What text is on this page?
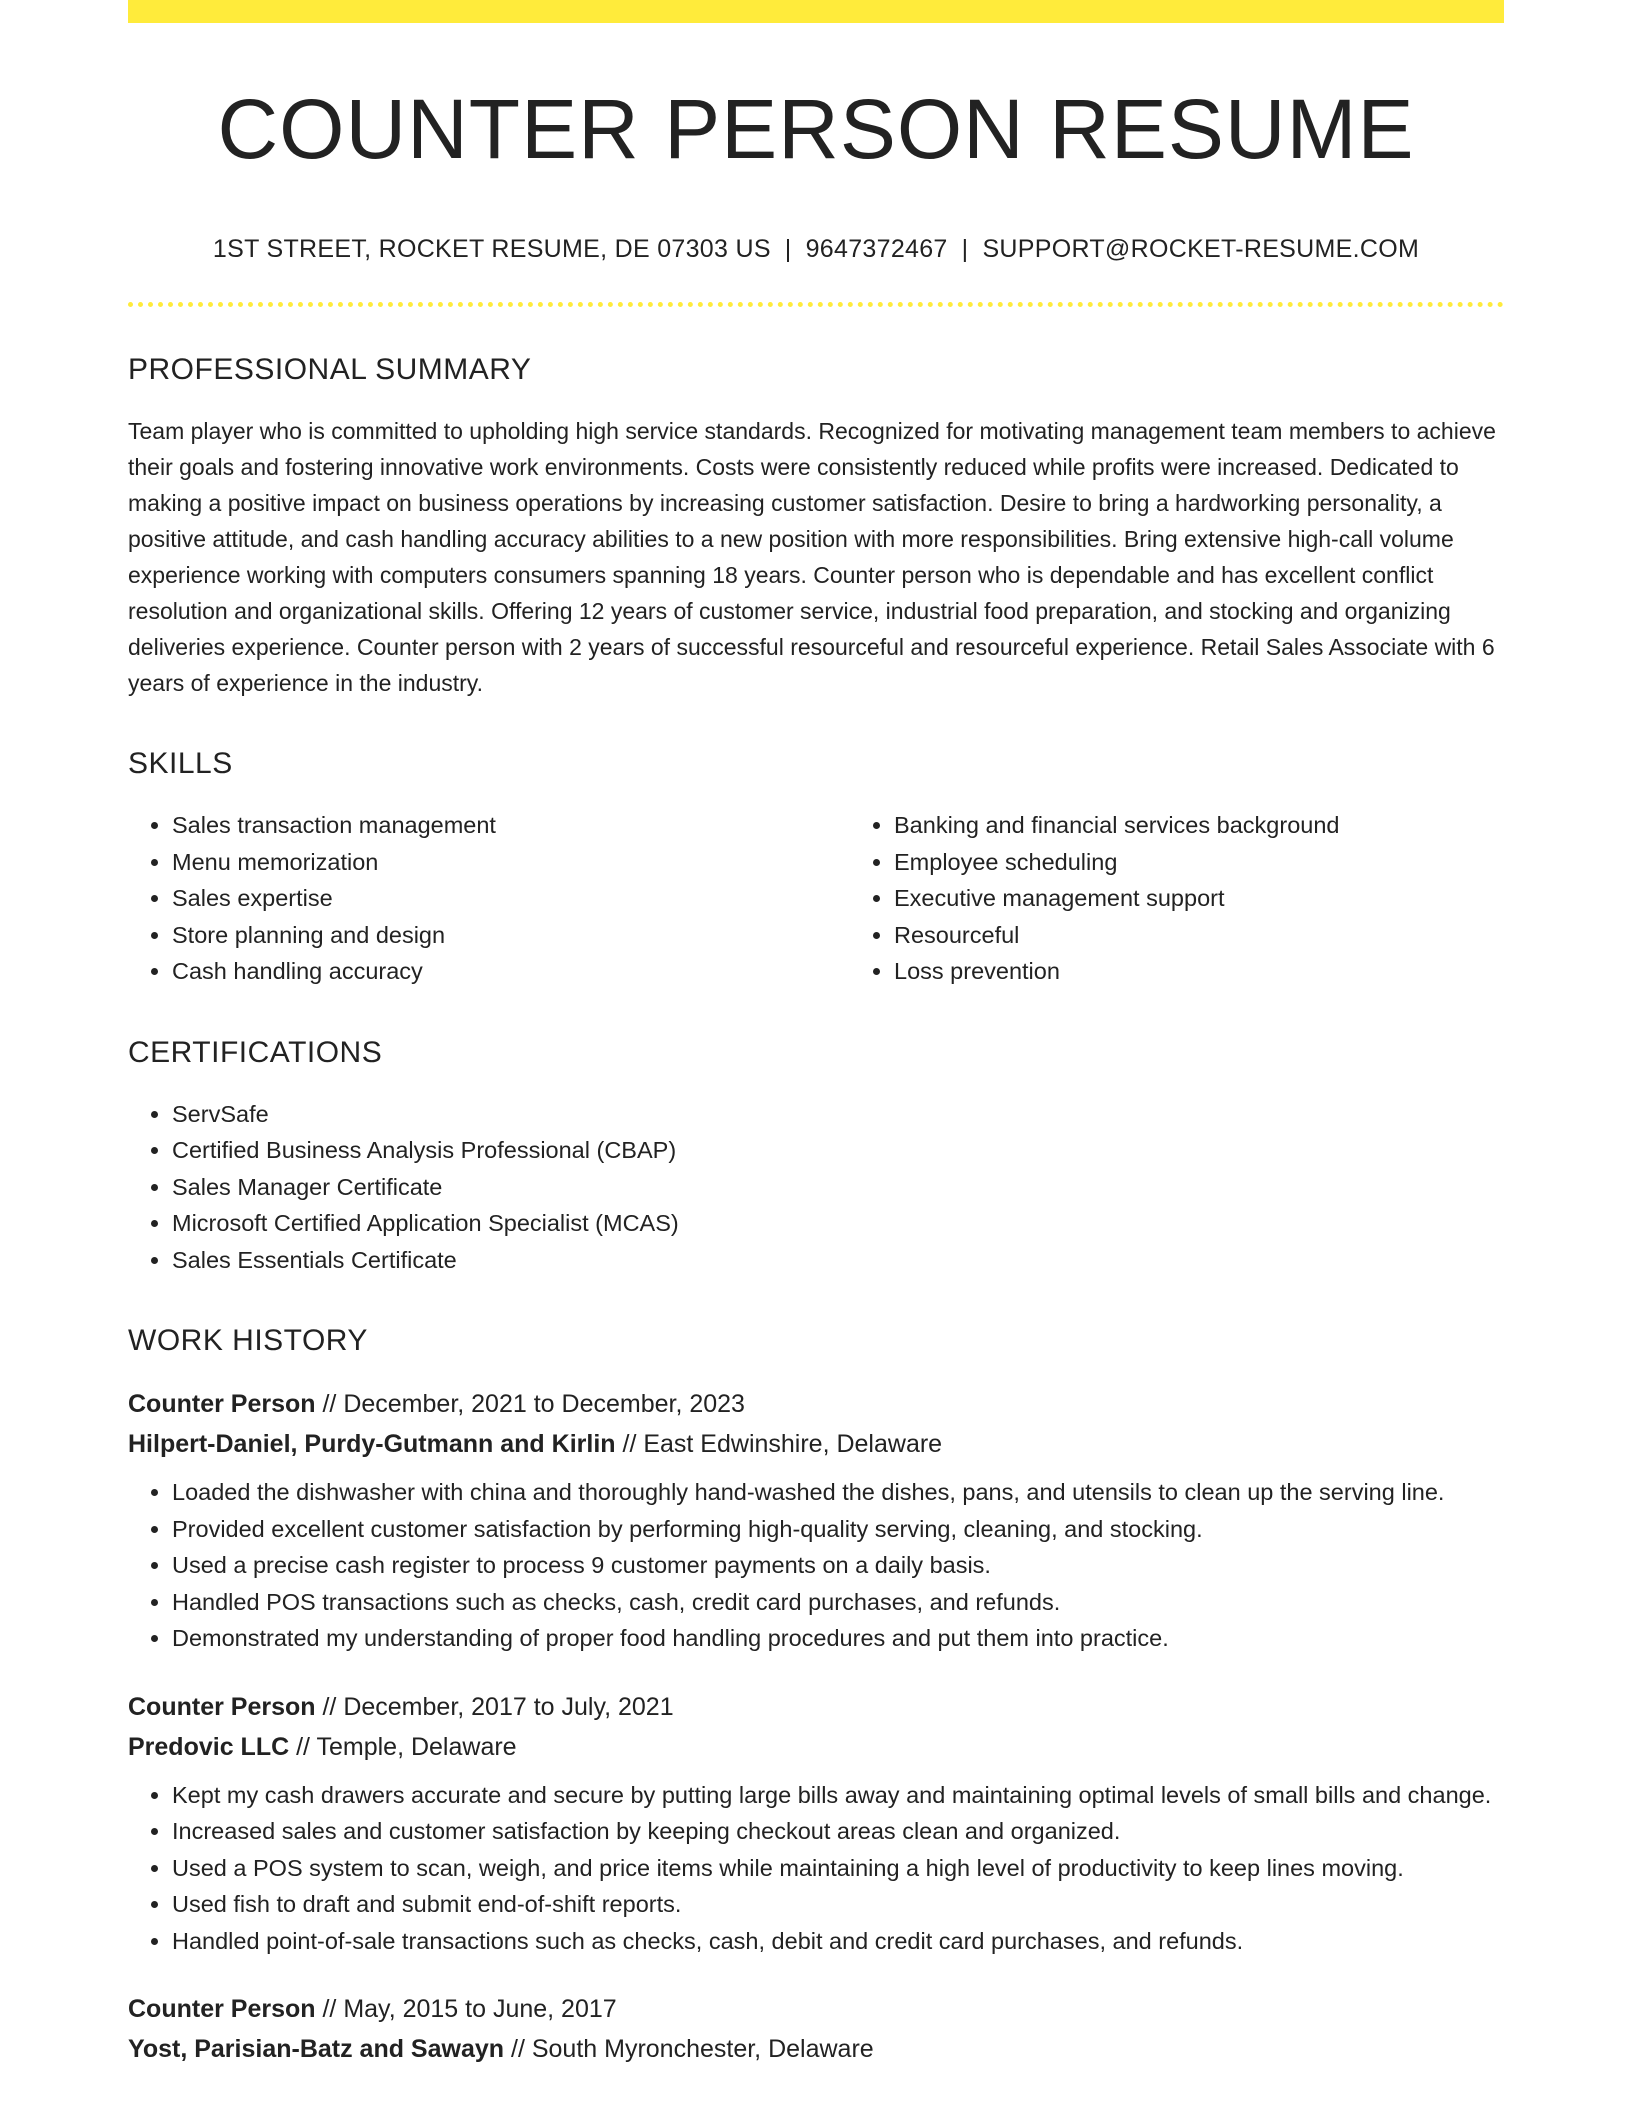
COUNTER PERSON RESUME
1ST STREET, ROCKET RESUME, DE 07303 US | 9647372467 | SUPPORT@ROCKET-RESUME.COM
PROFESSIONAL SUMMARY

Team player who is committed to upholding high service standards. Recognized for motivating management team members to achieve their goals and fostering innovative work environments. Costs were consistently reduced while profits were increased. Dedicated to making a positive impact on business operations by increasing customer satisfaction. Desire to bring a hardworking personality, a positive attitude, and cash handling accuracy abilities to a new position with more responsibilities. Bring extensive high-call volume experience working with computers consumers spanning 18 years. Counter person who is dependable and has excellent conflict resolution and organizational skills. Offering 12 years of customer service, industrial food preparation, and stocking and organizing deliveries experience. Counter person with 2 years of successful resourceful and resourceful experience. Retail Sales Associate with 6 years of experience in the industry.

SKILLS
• Sales transaction management
• Menu memorization
• Sales expertise
• Store planning and design
• Cash handling accuracy
• Banking and financial services background
• Employee scheduling
• Executive management support
• Resourceful
• Loss prevention
CERTIFICATIONS
• ServSafe
• Certified Business Analysis Professional (CBAP)
• Sales Manager Certificate
• Microsoft Certified Application Specialist (MCAS)
• Sales Essentials Certificate
WORK HISTORY
Counter Person // December, 2021 to December, 2023
Hilpert-Daniel, Purdy-Gutmann and Kirlin // East Edwinshire, Delaware
• Loaded the dishwasher with china and thoroughly hand-washed the dishes, pans, and utensils to clean up the serving line.
• Provided excellent customer satisfaction by performing high-quality serving, cleaning, and stocking.
• Used a precise cash register to process 9 customer payments on a daily basis.
• Handled POS transactions such as checks, cash, credit card purchases, and refunds.
• Demonstrated my understanding of proper food handling procedures and put them into practice.
Counter Person // December, 2017 to July, 2021
Predovic LLC // Temple, Delaware
• Kept my cash drawers accurate and secure by putting large bills away and maintaining optimal levels of small bills and change.
• Increased sales and customer satisfaction by keeping checkout areas clean and organized.
• Used a POS system to scan, weigh, and price items while maintaining a high level of productivity to keep lines moving.
• Used fish to draft and submit end-of-shift reports.
• Handled point-of-sale transactions such as checks, cash, debit and credit card purchases, and refunds.
Counter Person // May, 2015 to June, 2017
Yost, Parisian-Batz and Sawayn // South Myronchester, Delaware
